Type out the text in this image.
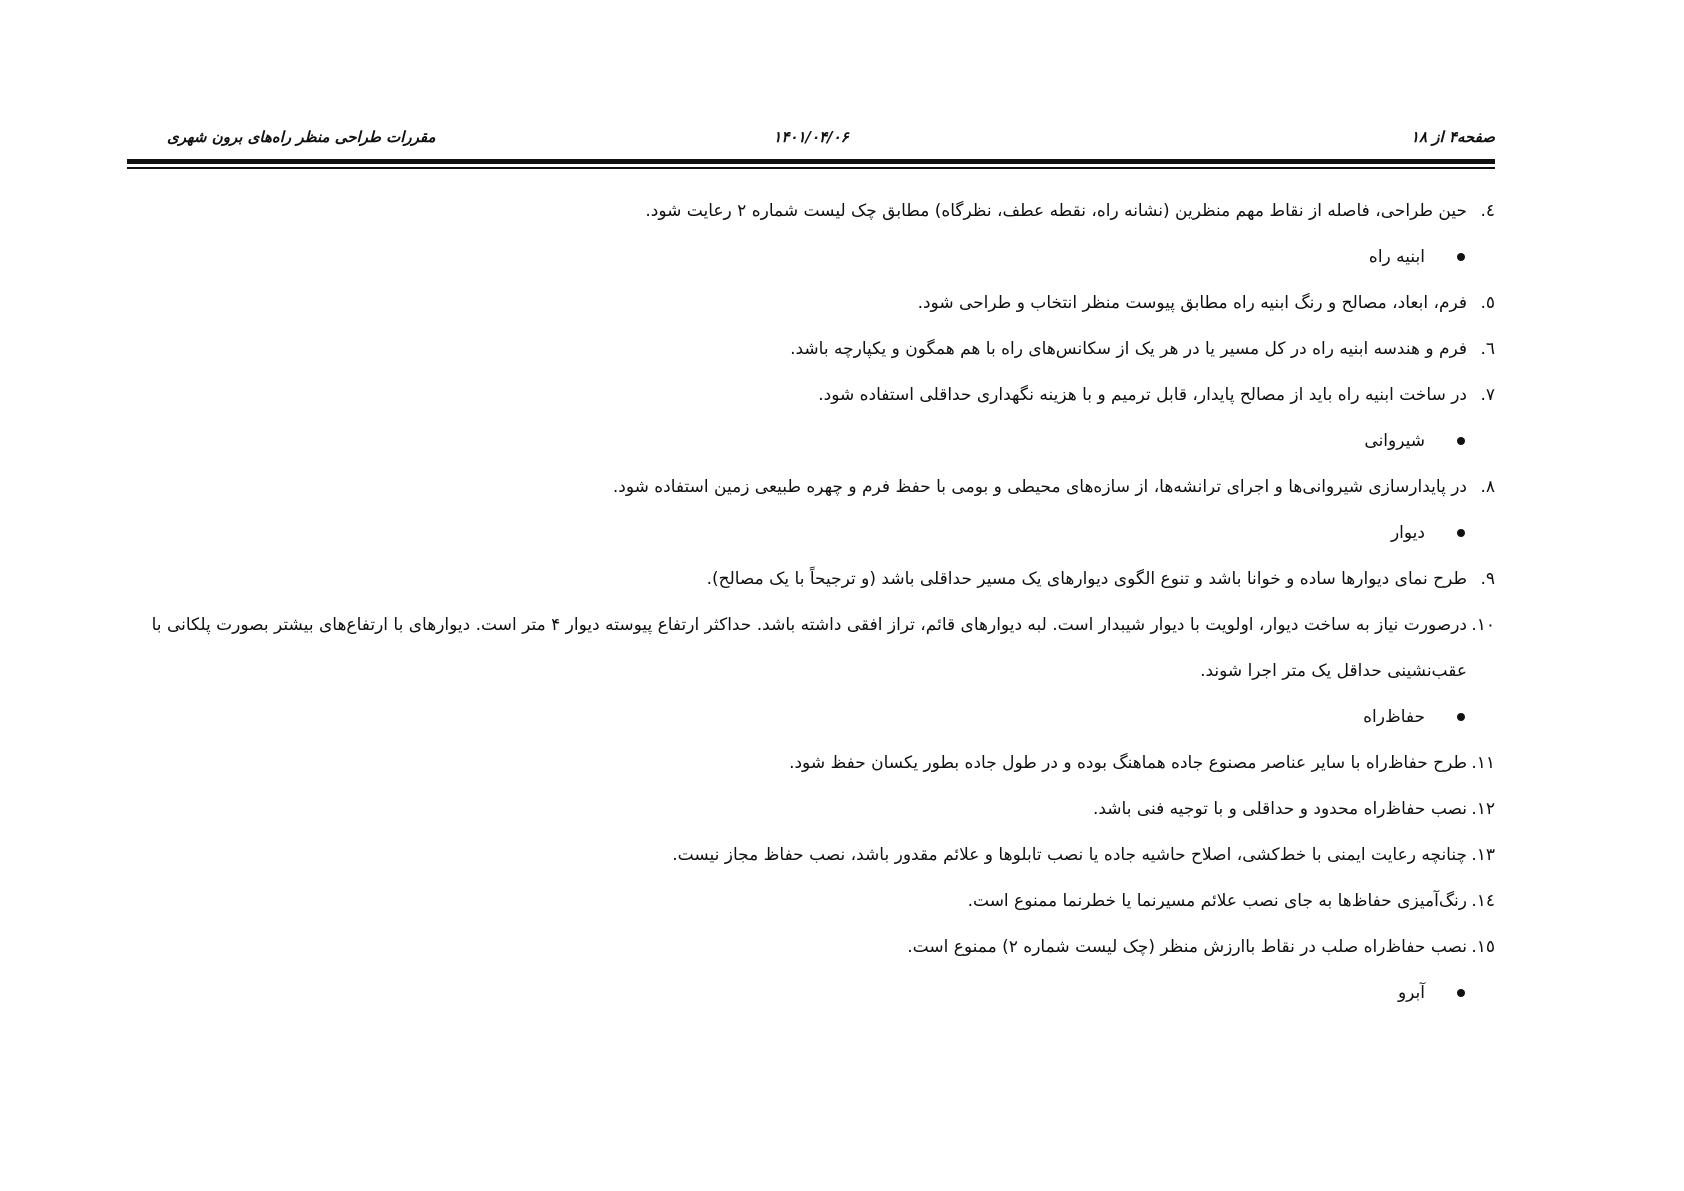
صفحه۴ از ۱۸
۱۴۰۱/۰۴/۰۶
مقررات طراحی منظر راه‌های برون شهری
٤.
حین طراحی، فاصله از نقاط مهم منظرین (نشانه راه، نقطه عطف، نظرگاه) مطابق چک لیست شماره ۲ رعایت شود.
ابنیه راه
٥.
فرم، ابعاد، مصالح و رنگ ابنیه راه مطابق پیوست منظر انتخاب و طراحی شود.
٦.
فرم و هندسه ابنیه راه در کل مسیر یا در هر یک از سکانس‌های راه با هم همگون و یکپارچه باشد.
٧.
در ساخت ابنیه راه باید از مصالح پایدار، قابل ترمیم و با هزینه نگهداری حداقلی استفاده شود.
شیروانی
٨.
در پایدارسازی شیروانی‌ها و اجرای ترانشه‌ها، از سازه‌های محیطی و بومی با حفظ فرم و چهره طبیعی زمین استفاده شود.
دیوار
٩.
طرح نمای دیوارها ساده و خوانا باشد و تنوع الگوی دیوارهای یک مسیر حداقلی باشد (و ترجیحاً با یک مصالح).
١٠.
درصورت نیاز به ساخت دیوار، اولویت با دیوار شیبدار است. لبه دیوارهای قائم، تراز افقی داشته باشد. حداکثر ارتفاع پیوسته دیوار ۴ متر است. دیوارهای با ارتفاع‌های بیشتر بصورت پلکانی با عقب‌نشینی حداقل یک متر اجرا شوند.
حفاظ‌راه
١١.
طرح حفاظ‌راه با سایر عناصر مصنوع جاده هماهنگ بوده و در طول جاده بطور یکسان حفظ شود.
١٢.
نصب حفاظ‌راه محدود و حداقلی و با توجیه فنی باشد.
١٣.
چنانچه رعایت ایمنی با خط‌کشی، اصلاح حاشیه جاده یا نصب تابلوها و علائم مقدور باشد، نصب حفاظ مجاز نیست.
١٤.
رنگ‌آمیزی حفاظ‌ها به جای نصب علائم مسیرنما یا خطرنما ممنوع است.
١٥.
نصب حفاظ‌راه صلب در نقاط باارزش منظر (چک لیست شماره ۲) ممنوع است.
آبرو
